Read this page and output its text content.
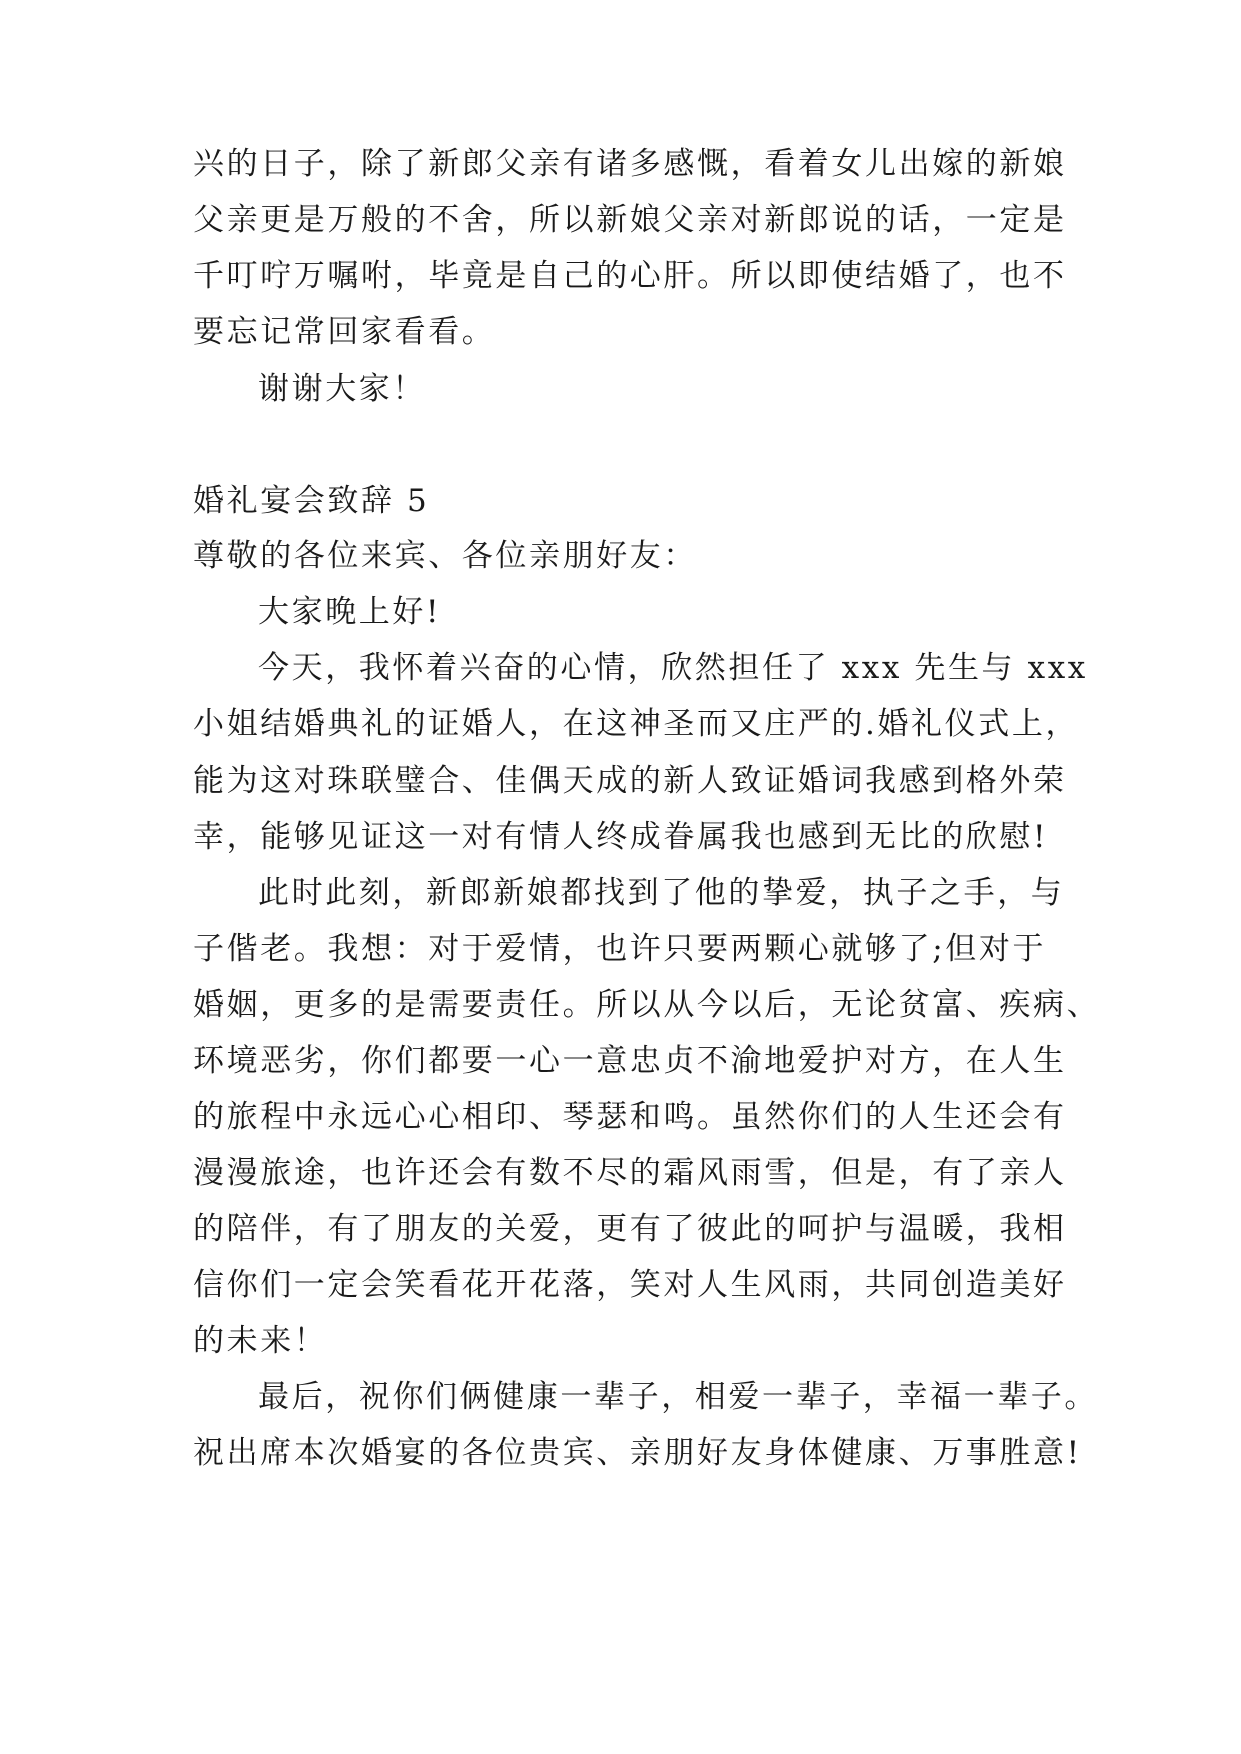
兴的日子，除了新郎父亲有诸多感慨，看着女儿出嫁的新娘
父亲更是万般的不舍，所以新娘父亲对新郎说的话，一定是
千叮咛万嘱咐，毕竟是自己的心肝。所以即使结婚了，也不
要忘记常回家看看。
谢谢大家！
婚礼宴会致辞 5
尊敬的各位来宾、各位亲朋好友：
大家晚上好!
今天，我怀着兴奋的心情，欣然担任了 xxx 先生与 xxx
小姐结婚典礼的证婚人，在这神圣而又庄严的.婚礼仪式上，
能为这对珠联璧合、佳偶天成的新人致证婚词我感到格外荣
幸，能够见证这一对有情人终成眷属我也感到无比的欣慰!
此时此刻，新郎新娘都找到了他的挚爱，执子之手，与
子偕老。我想：对于爱情，也许只要两颗心就够了;但对于
婚姻，更多的是需要责任。所以从今以后，无论贫富、疾病、
环境恶劣，你们都要一心一意忠贞不渝地爱护对方，在人生
的旅程中永远心心相印、琴瑟和鸣。虽然你们的人生还会有
漫漫旅途，也许还会有数不尽的霜风雨雪，但是，有了亲人
的陪伴，有了朋友的关爱，更有了彼此的呵护与温暖，我相
信你们一定会笑看花开花落，笑对人生风雨，共同创造美好
的未来！
最后，祝你们俩健康一辈子，相爱一辈子，幸福一辈子。
祝出席本次婚宴的各位贵宾、亲朋好友身体健康、万事胜意!
